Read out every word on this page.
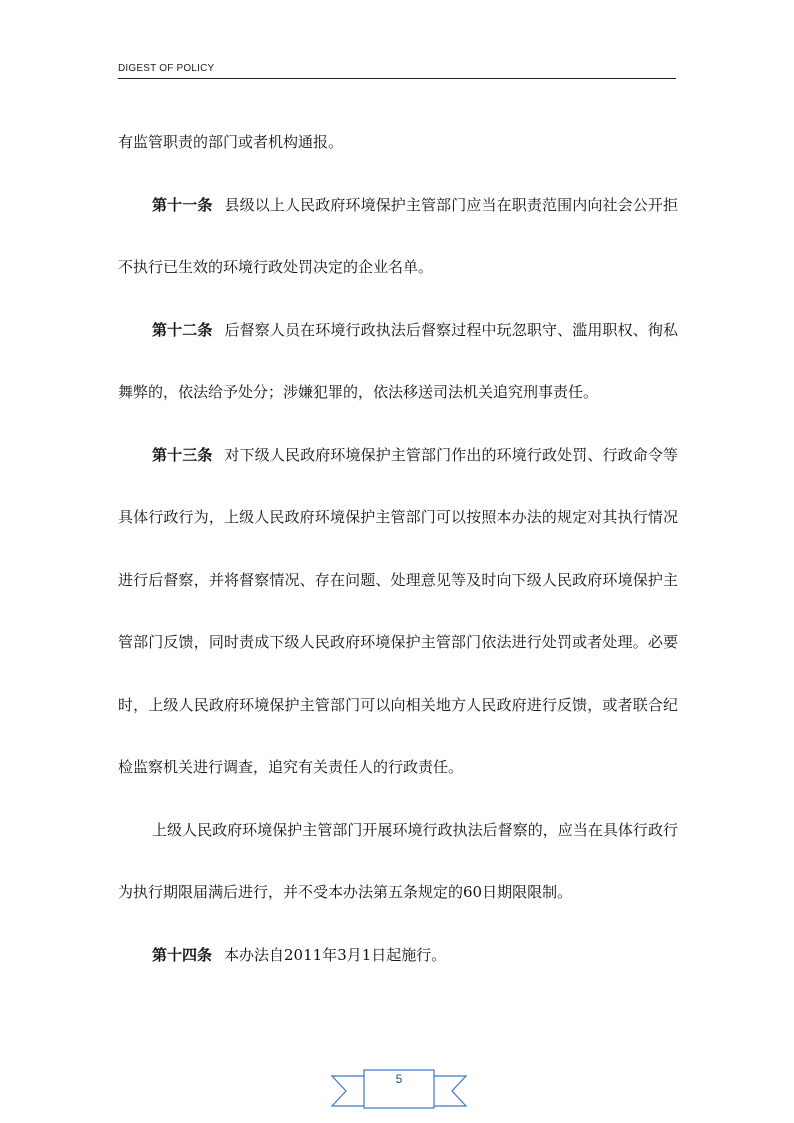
DIGEST OF POLICY

有监管职责的部门或者机构通报。

第十一条 县级以上人民政府环境保护主管部门应当在职责范围内向社会公开拒不执行已生效的环境行政处罚决定的企业名单。

第十二条 后督察人员在环境行政执法后督察过程中玩忽职守、滥用职权、徇私舞弊的，依法给予处分；涉嫌犯罪的，依法移送司法机关追究刑事责任。

第十三条 对下级人民政府环境保护主管部门作出的环境行政处罚、行政命令等具体行政行为，上级人民政府环境保护主管部门可以按照本办法的规定对其执行情况进行后督察，并将督察情况、存在问题、处理意见等及时向下级人民政府环境保护主管部门反馈，同时责成下级人民政府环境保护主管部门依法进行处罚或者处理。必要时，上级人民政府环境保护主管部门可以向相关地方人民政府进行反馈，或者联合纪检监察机关进行调查，追究有关责任人的行政责任。

上级人民政府环境保护主管部门开展环境行政执法后督察的，应当在具体行政行为执行期限届满后进行，并不受本办法第五条规定的60日期限限制。

第十四条 本办法自2011年3月1日起施行。

5
